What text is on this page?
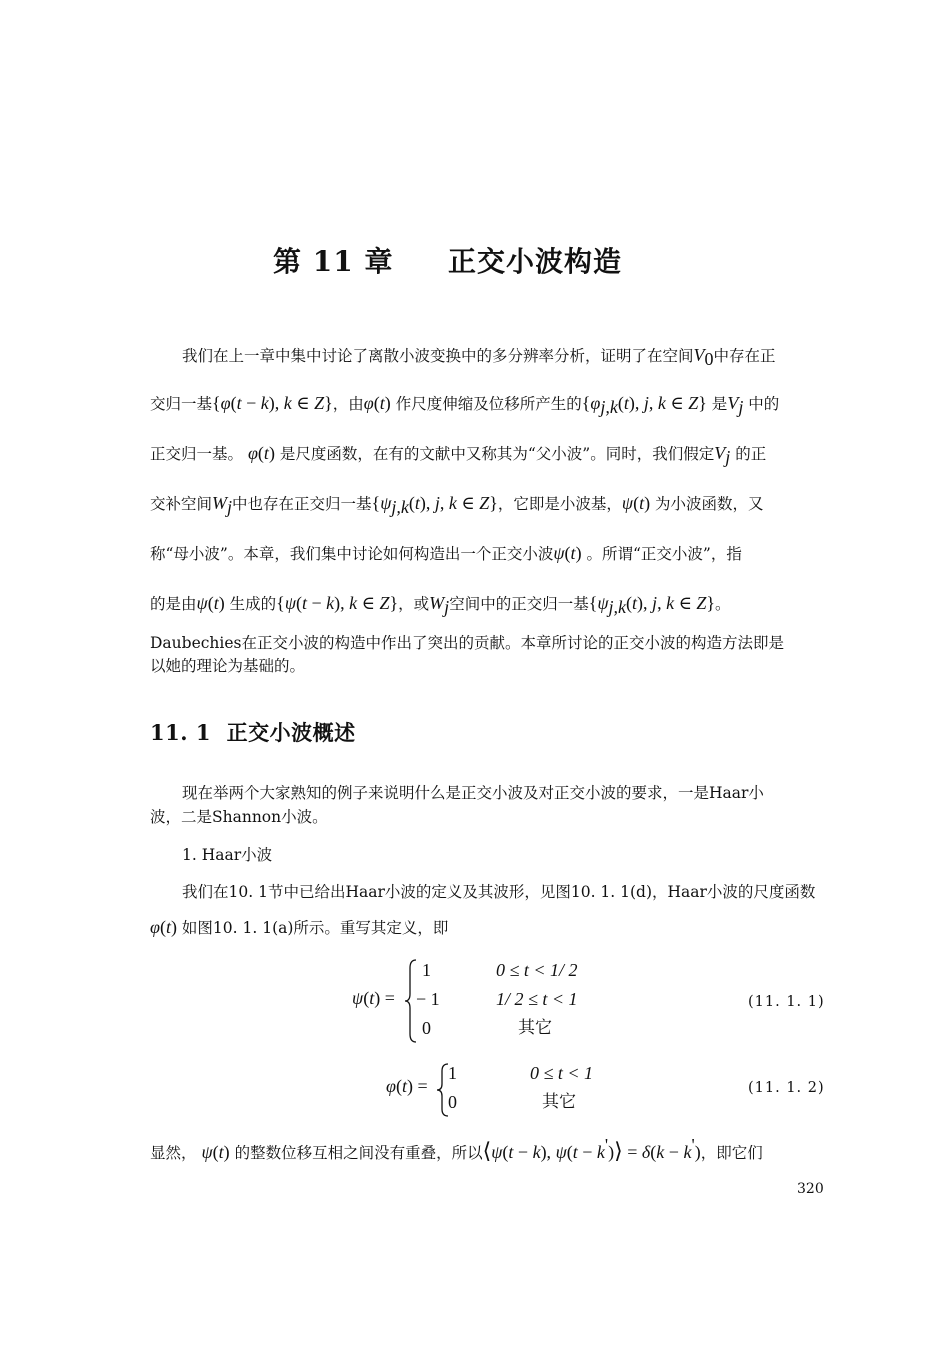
第 11 章 正交小波构造
我们在上一章中集中讨论了离散小波变换中的多分辨率分析，证明了在空间$V_0$中存在正
交归一基{φ(t − k), k ∈ Z}，由φ(t) 作尺度伸缩及位移所产生的{$\varphi_{j,k}(t)$, j, k ∈ Z} 是$V_j$ 中的
正交归一基。 φ(t) 是尺度函数，在有的文献中又称其为“父小波”。同时，我们假定$V_j$ 的正
交补空间$W_j$中也存在正交归一基{$\psi_{j,k}(t)$, j, k ∈ Z}，它即是小波基，ψ(t) 为小波函数，又
称“母小波”。本章，我们集中讨论如何构造出一个正交小波ψ(t) 。所谓“正交小波”，指
的是由ψ(t) 生成的{ψ(t − k), k ∈ Z}，或$W_j$空间中的正交归一基{$\psi_{j,k}(t)$, j, k ∈ Z}。
Daubechies在正交小波的构造中作出了突出的贡献。本章所讨论的正交小波的构造方法即是
以她的理论为基础的。
11. 1 正交小波概述
现在举两个大家熟知的例子来说明什么是正交小波及对正交小波的要求，一是Haar小
波，二是Shannon小波。
1. Haar小波
我们在10. 1节中已给出Haar小波的定义及其波形，见图10. 1. 1(d)，Haar小波的尺度函数
φ(t) 如图10. 1. 1(a)所示。重写其定义，即
ψ(t) =
1	0 ≤ t < 1/ 2
− 1	1/ 2 ≤ t < 1
0	其它
(11. 1. 1)
φ(t) =
1	0 ≤ t < 1
0	其它
(11. 1. 2)
显然， ψ(t) 的整数位移互相之间没有重叠，所以⟨ψ(t − k), ψ(t − k')⟩ = δ(k − k')，即它们
320
